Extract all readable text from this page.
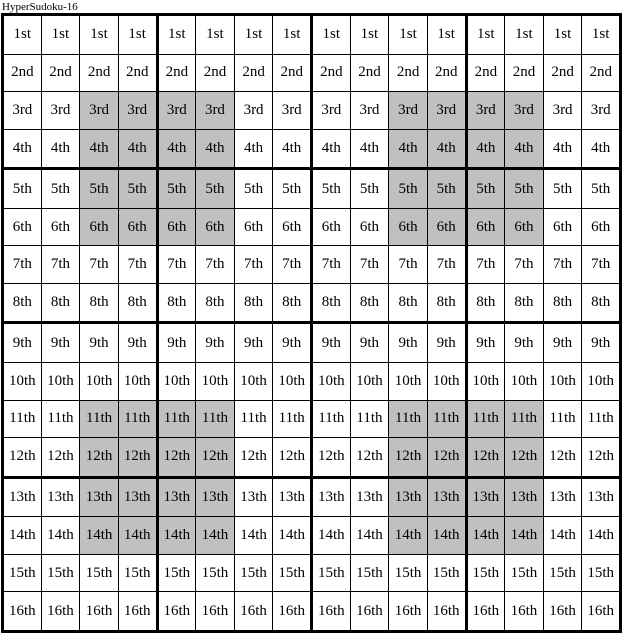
HyperSudoku-16
1st	1st	1st	1st	1st	1st	1st	1st	1st	1st	1st	1st	1st	1st	1st	1st
2nd	2nd	2nd	2nd	2nd	2nd	2nd	2nd	2nd	2nd	2nd	2nd	2nd	2nd	2nd	2nd
3rd	3rd	3rd	3rd	3rd	3rd	3rd	3rd	3rd	3rd	3rd	3rd	3rd	3rd	3rd	3rd
4th	4th	4th	4th	4th	4th	4th	4th	4th	4th	4th	4th	4th	4th	4th	4th
5th	5th	5th	5th	5th	5th	5th	5th	5th	5th	5th	5th	5th	5th	5th	5th
6th	6th	6th	6th	6th	6th	6th	6th	6th	6th	6th	6th	6th	6th	6th	6th
7th	7th	7th	7th	7th	7th	7th	7th	7th	7th	7th	7th	7th	7th	7th	7th
8th	8th	8th	8th	8th	8th	8th	8th	8th	8th	8th	8th	8th	8th	8th	8th
9th	9th	9th	9th	9th	9th	9th	9th	9th	9th	9th	9th	9th	9th	9th	9th
10th	10th	10th	10th	10th	10th	10th	10th	10th	10th	10th	10th	10th	10th	10th	10th
11th	11th	11th	11th	11th	11th	11th	11th	11th	11th	11th	11th	11th	11th	11th	11th
12th	12th	12th	12th	12th	12th	12th	12th	12th	12th	12th	12th	12th	12th	12th	12th
13th	13th	13th	13th	13th	13th	13th	13th	13th	13th	13th	13th	13th	13th	13th	13th
14th	14th	14th	14th	14th	14th	14th	14th	14th	14th	14th	14th	14th	14th	14th	14th
15th	15th	15th	15th	15th	15th	15th	15th	15th	15th	15th	15th	15th	15th	15th	15th
16th	16th	16th	16th	16th	16th	16th	16th	16th	16th	16th	16th	16th	16th	16th	16th
